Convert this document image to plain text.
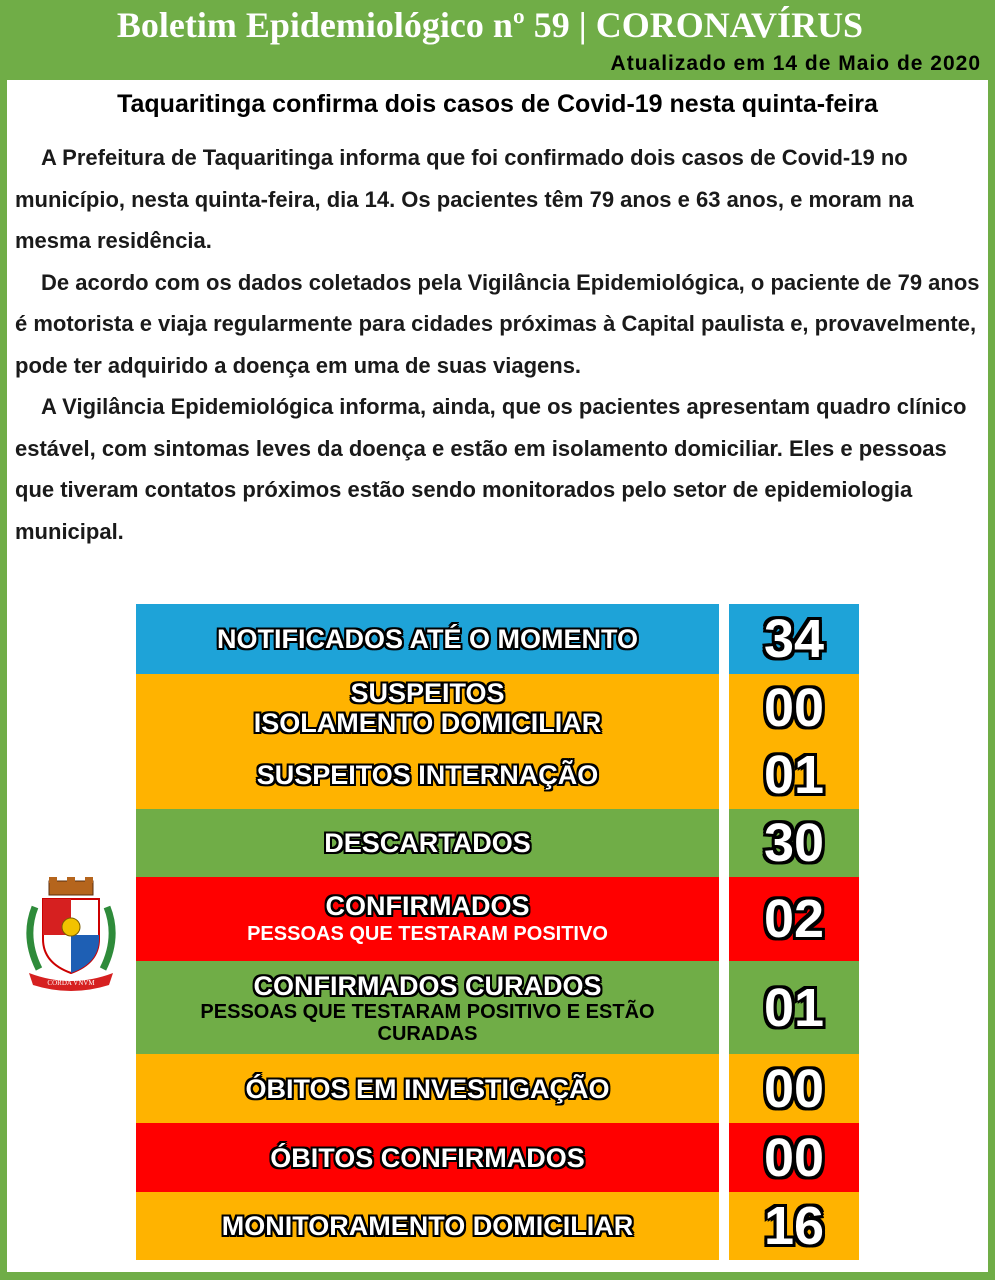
Boletim Epidemiológico nº 59 | CORONAVÍRUS
Atualizado em 14 de Maio de 2020
Taquaritinga confirma dois casos de Covid-19 nesta quinta-feira

A Prefeitura de Taquaritinga informa que foi confirmado dois casos de Covid-19 no município, nesta quinta-feira, dia 14. Os pacientes têm 79 anos e 63 anos, e moram na mesma residência.

De acordo com os dados coletados pela Vigilância Epidemiológica, o paciente de 79 anos é motorista e viaja regularmente para cidades próximas à Capital paulista e, provavelmente, pode ter adquirido a doença em uma de suas viagens.

A Vigilância Epidemiológica informa, ainda, que os pacientes apresentam quadro clínico estável, com sintomas leves da doença e estão em isolamento domiciliar. Eles e pessoas que tiveram contatos próximos estão sendo monitorados pelo setor de epidemiologia municipal.

CORDA VNVM
NOTIFICADOS ATÉ O MOMENTO 34
SUSPEITOS
ISOLAMENTO DOMICILIAR	00
SUSPEITOS INTERNAÇÃO	01
DESCARTADOS	30
CONFIRMADOS
PESSOAS QUE TESTARAM POSITIVO	02
CONFIRMADOS CURADOS
PESSOAS QUE TESTARAM POSITIVO E ESTÃO CURADAS	01
ÓBITOS EM INVESTIGAÇÃO	00
ÓBITOS CONFIRMADOS	00
MONITORAMENTO DOMICILIAR 16
